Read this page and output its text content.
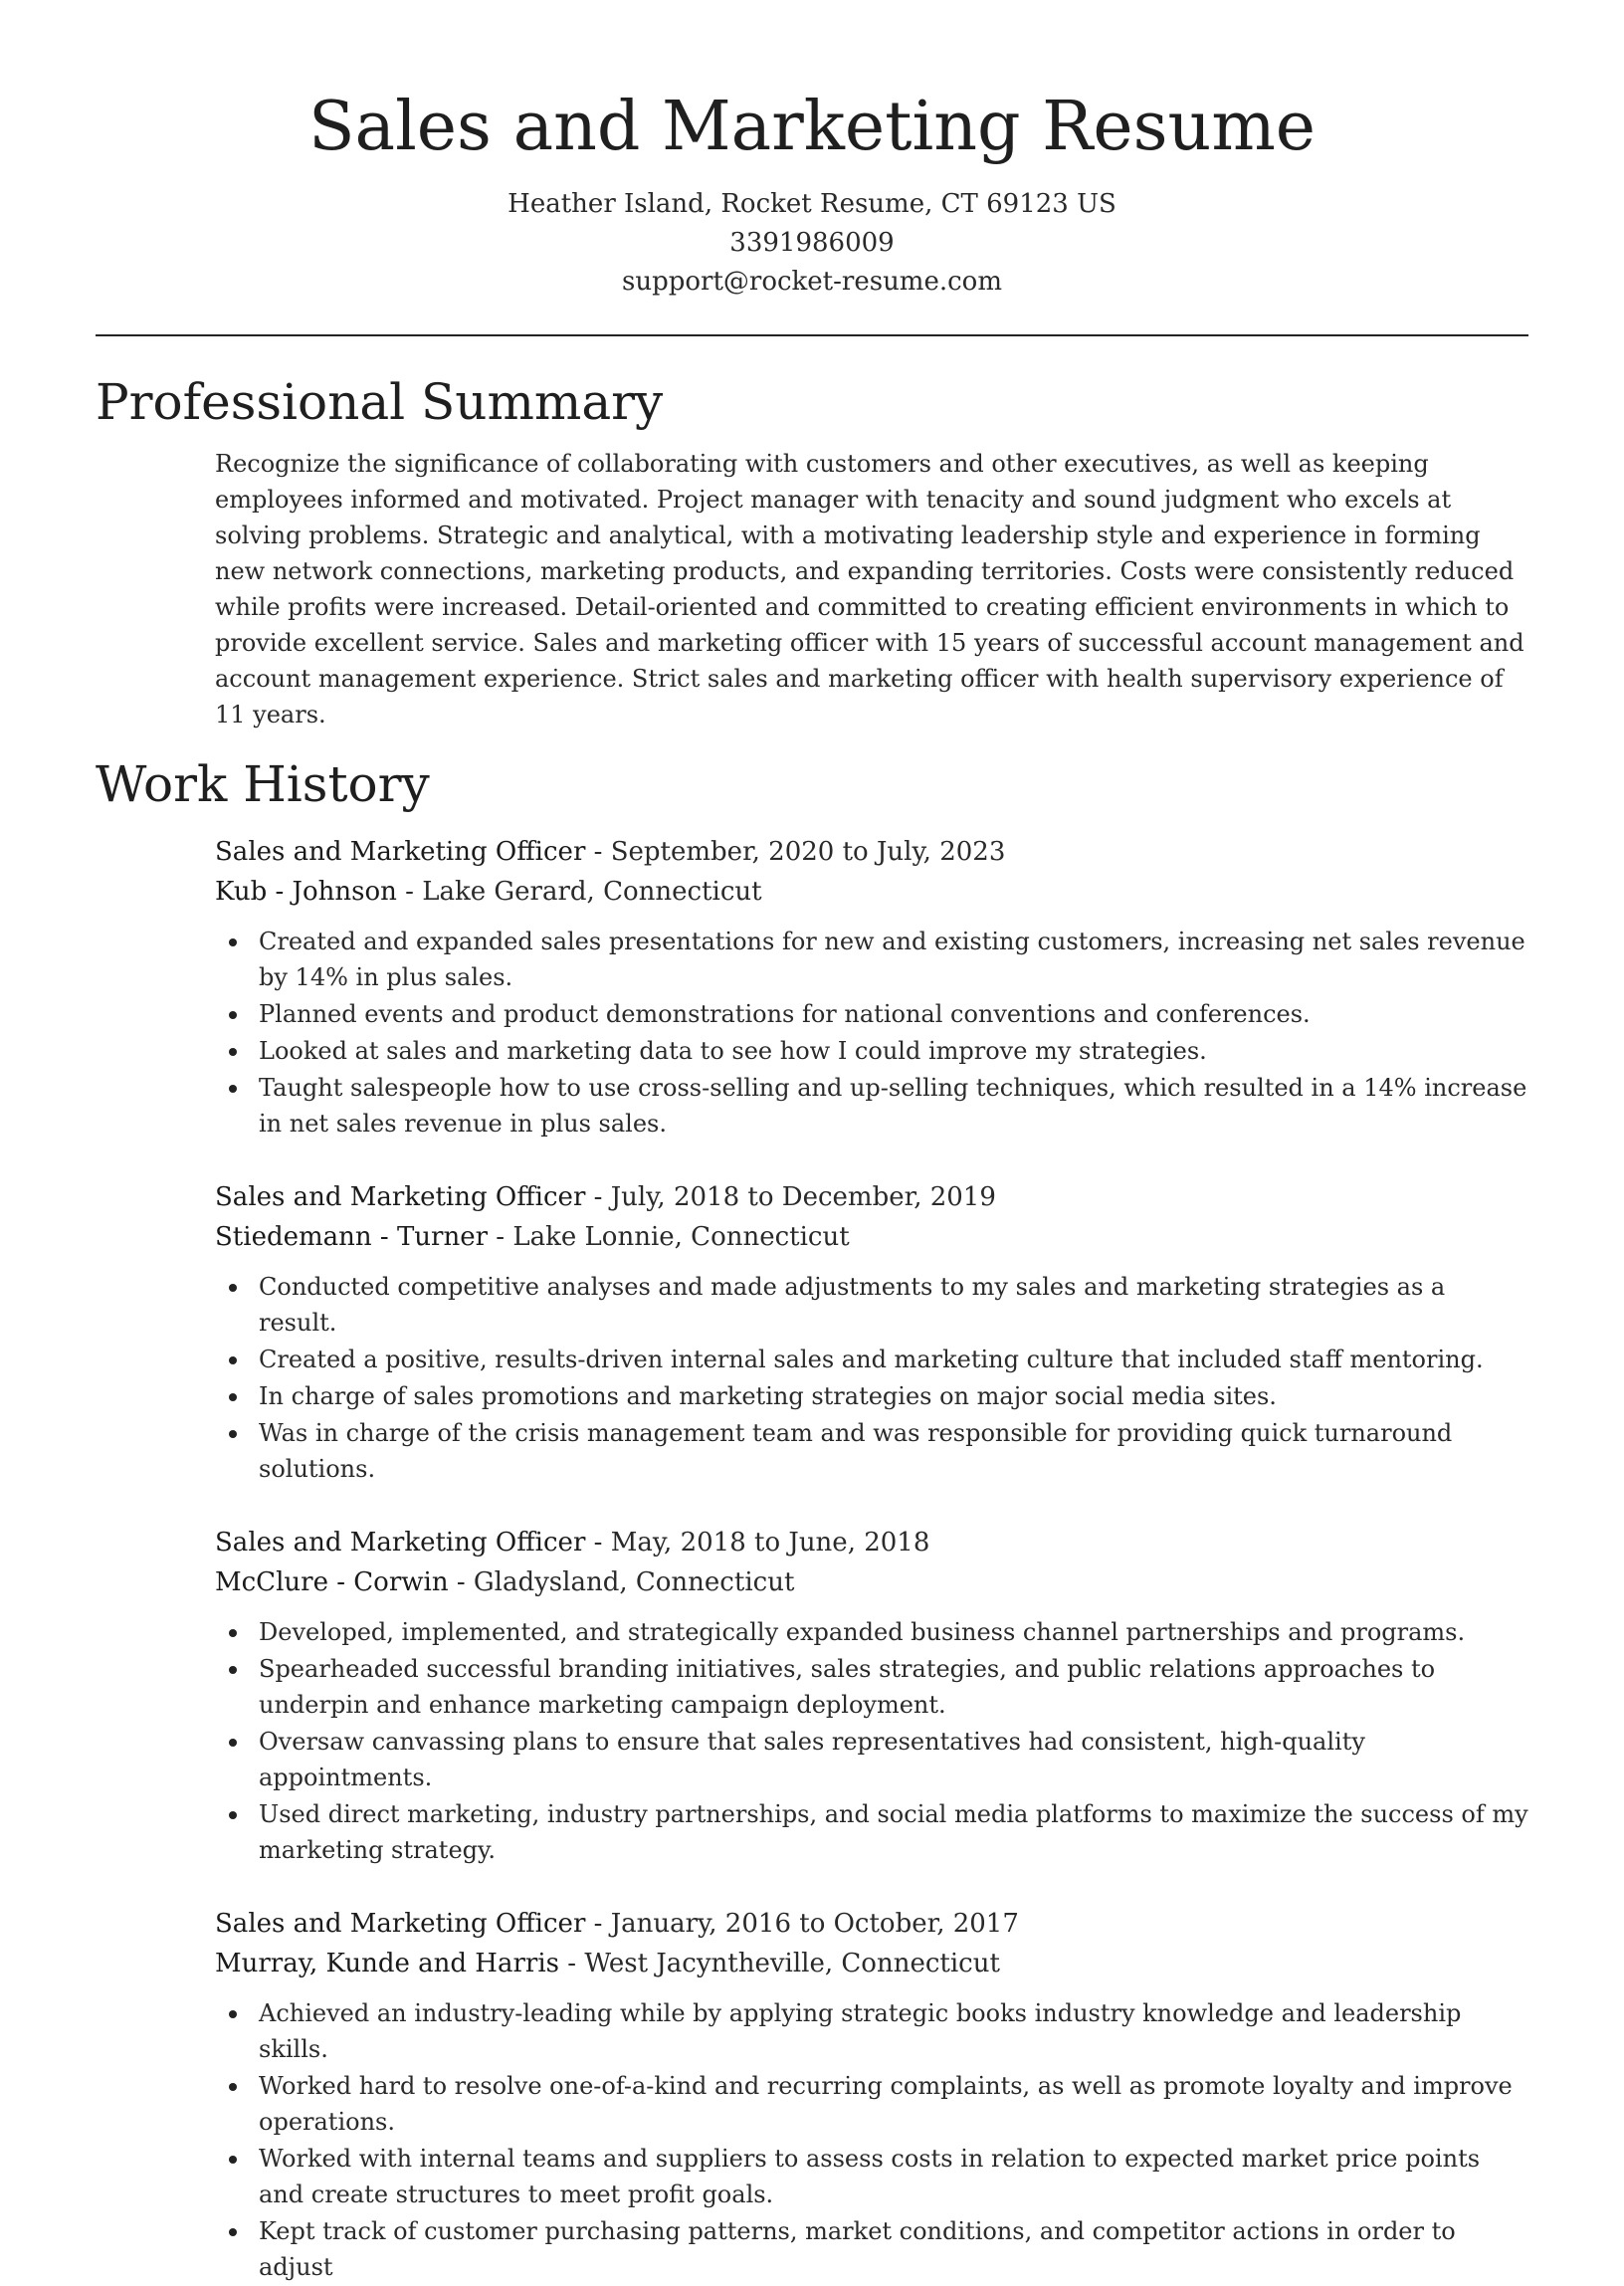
Sales and Marketing Resume
Heather Island, Rocket Resume, CT 69123 US
3391986009
support@rocket-resume.com
Professional Summary

Recognize the significance of collaborating with customers and other executives, as well as keeping employees informed and motivated. Project manager with tenacity and sound judgment who excels at solving problems. Strategic and analytical, with a motivating leadership style and experience in forming new network connections, marketing products, and expanding territories. Costs were consistently reduced while profits were increased. Detail-oriented and committed to creating efficient environments in which to provide excellent service. Sales and marketing officer with 15 years of successful account management and account management experience. Strict sales and marketing officer with health supervisory experience of 11 years.

Work History
Sales and Marketing Officer - September, 2020 to July, 2023
Kub - Johnson - Lake Gerard, Connecticut
Created and expanded sales presentations for new and existing customers, increasing net sales revenue by 14% in plus sales.
Planned events and product demonstrations for national conventions and conferences.
Looked at sales and marketing data to see how I could improve my strategies.
Taught salespeople how to use cross-selling and up-selling techniques, which resulted in a 14% increase in net sales revenue in plus sales.
Sales and Marketing Officer - July, 2018 to December, 2019
Stiedemann - Turner - Lake Lonnie, Connecticut
Conducted competitive analyses and made adjustments to my sales and marketing strategies as a result.
Created a positive, results-driven internal sales and marketing culture that included staff mentoring.
In charge of sales promotions and marketing strategies on major social media sites.
Was in charge of the crisis management team and was responsible for providing quick turnaround solutions.
Sales and Marketing Officer - May, 2018 to June, 2018
McClure - Corwin - Gladysland, Connecticut
Developed, implemented, and strategically expanded business channel partnerships and programs.
Spearheaded successful branding initiatives, sales strategies, and public relations approaches to underpin and enhance marketing campaign deployment.
Oversaw canvassing plans to ensure that sales representatives had consistent, high-quality appointments.
Used direct marketing, industry partnerships, and social media platforms to maximize the success of my marketing strategy.
Sales and Marketing Officer - January, 2016 to October, 2017
Murray, Kunde and Harris - West Jacyntheville, Connecticut
Achieved an industry-leading while by applying strategic books industry knowledge and leadership skills.
Worked hard to resolve one-of-a-kind and recurring complaints, as well as promote loyalty and improve operations.
Worked with internal teams and suppliers to assess costs in relation to expected market price points and create structures to meet profit goals.
Kept track of customer purchasing patterns, market conditions, and competitor actions in order to adjust
